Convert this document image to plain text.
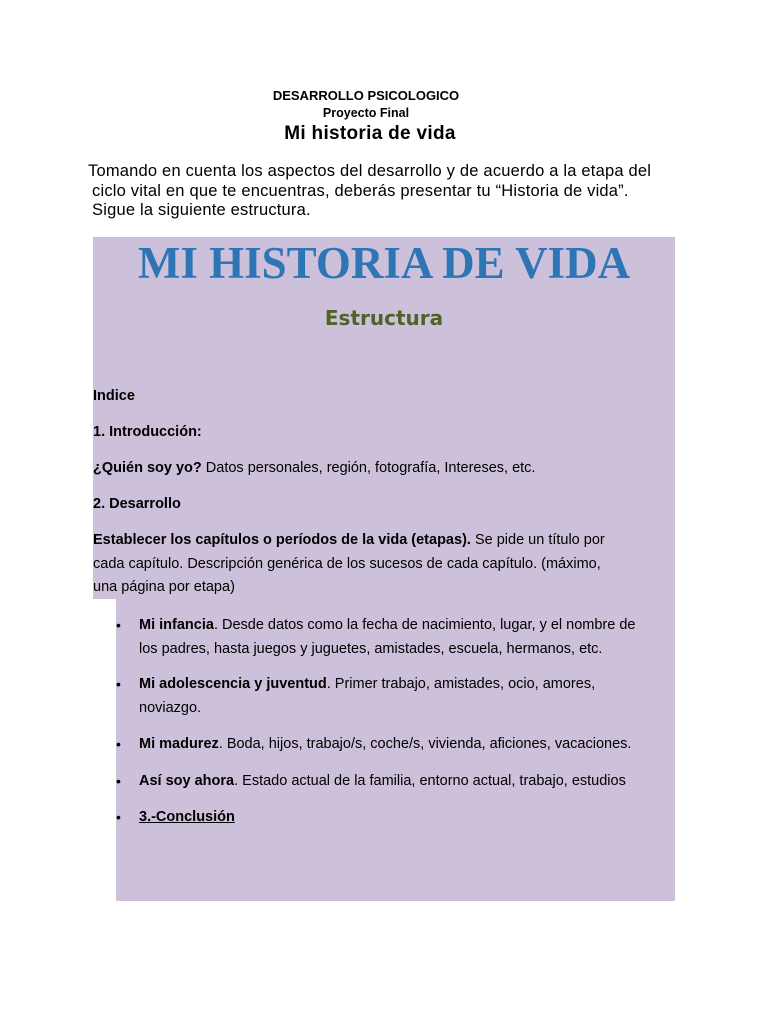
DESARROLLO PSICOLOGICO
Proyecto Final
Mi historia de vida
Tomando en cuenta los aspectos del desarrollo y de acuerdo a la etapa del

ciclo vital en que te encuentras, deberás presentar tu “Historia de vida”.
Sigue la siguiente estructura.
MI HISTORIA DE VIDA
Estructura
Indice
1. Introducción:
¿Quién soy yo? Datos personales, región, fotografía, Intereses, etc.
2. Desarrollo
Establecer los capítulos o períodos de la vida (etapas). Se pide un título por
cada capítulo. Descripción genérica de los sucesos de cada capítulo. (máximo,
una página por etapa)
• Mi infancia. Desde datos como la fecha de nacimiento, lugar, y el nombre de los padres, hasta juegos y juguetes, amistades, escuela, hermanos, etc.
• Mi adolescencia y juventud. Primer trabajo, amistades, ocio, amores, noviazgo.
• Mi madurez. Boda, hijos, trabajo/s, coche/s, vivienda, aficiones, vacaciones.
• Así soy ahora. Estado actual de la familia, entorno actual, trabajo, estudios
• 3.-Conclusión
